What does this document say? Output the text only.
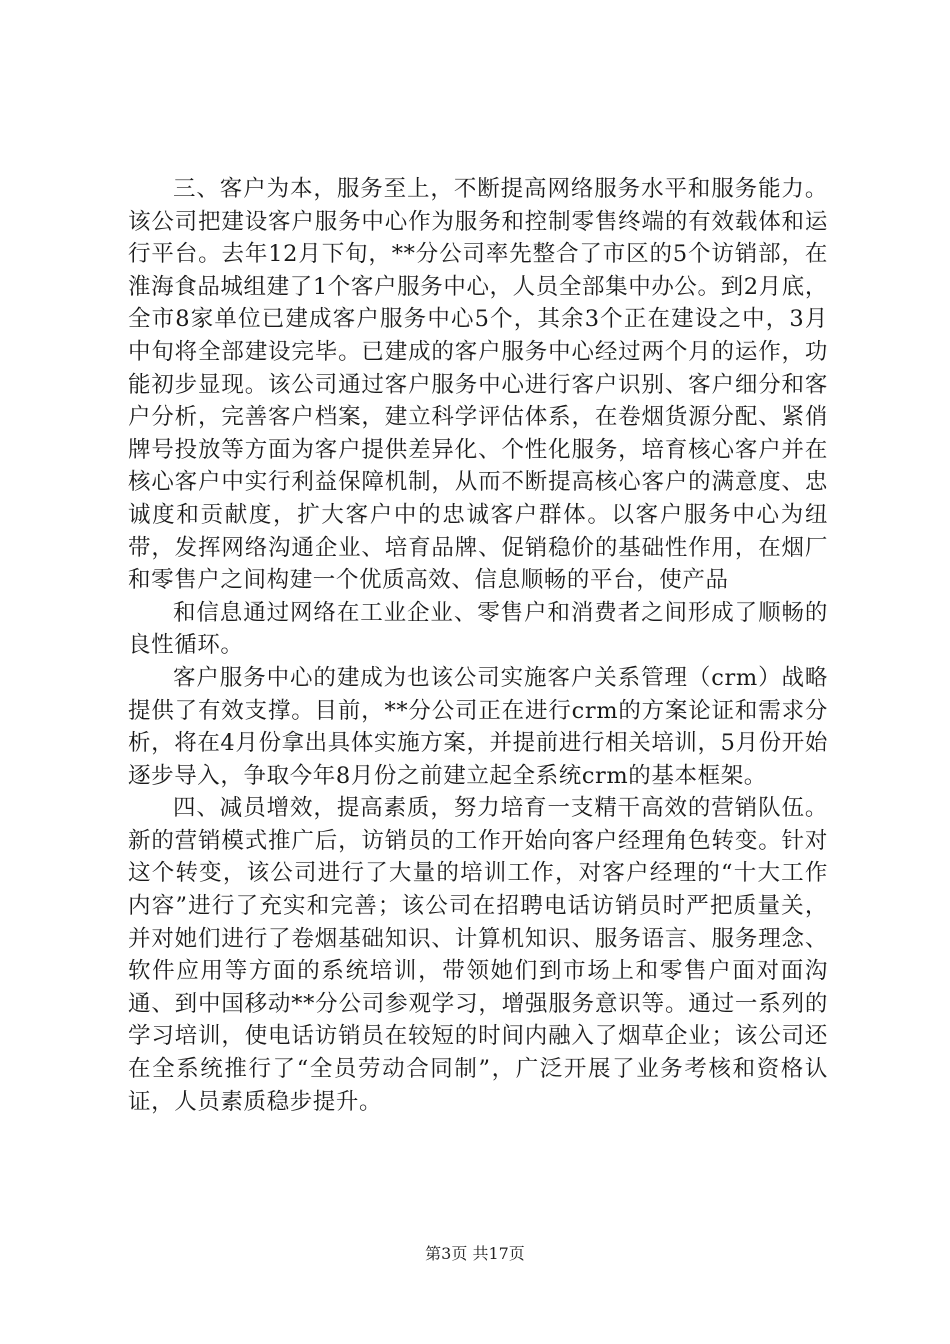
三、客户为本，服务至上，不断提高网络服务水平和服务能力。该公司把建设客户服务中心作为服务和控制零售终端的有效载体和运行平台。去年12月下旬，**分公司率先整合了市区的5个访销部，在淮海食品城组建了1个客户服务中心，人员全部集中办公。到2月底，全市8家单位已建成客户服务中心5个，其余3个正在建设之中，3月中旬将全部建设完毕。已建成的客户服务中心经过两个月的运作，功能初步显现。该公司通过客户服务中心进行客户识别、客户细分和客户分析，完善客户档案，建立科学评估体系，在卷烟货源分配、紧俏牌号投放等方面为客户提供差异化、个性化服务，培育核心客户并在核心客户中实行利益保障机制，从而不断提高核心客户的满意度、忠诚度和贡献度，扩大客户中的忠诚客户群体。以客户服务中心为纽带，发挥网络沟通企业、培育品牌、促销稳价的基础性作用，在烟厂和零售户之间构建一个优质高效、信息顺畅的平台，使产品

和信息通过网络在工业企业、零售户和消费者之间形成了顺畅的良性循环。

客户服务中心的建成为也该公司实施客户关系管理（crm）战略提供了有效支撑。目前，**分公司正在进行crm的方案论证和需求分析，将在4月份拿出具体实施方案，并提前进行相关培训，5月份开始逐步导入，争取今年8月份之前建立起全系统crm的基本框架。

四、减员增效，提高素质，努力培育一支精干高效的营销队伍。新的营销模式推广后，访销员的工作开始向客户经理角色转变。针对这个转变，该公司进行了大量的培训工作，对客户经理的“十大工作内容”进行了充实和完善；该公司在招聘电话访销员时严把质量关，并对她们进行了卷烟基础知识、计算机知识、服务语言、服务理念、软件应用等方面的系统培训，带领她们到市场上和零售户面对面沟通、到中国移动**分公司参观学习，增强服务意识等。通过一系列的学习培训，使电话访销员在较短的时间内融入了烟草企业；该公司还在全系统推行了“全员劳动合同制”，广泛开展了业务考核和资格认证，人员素质稳步提升。

第3页 共17页
